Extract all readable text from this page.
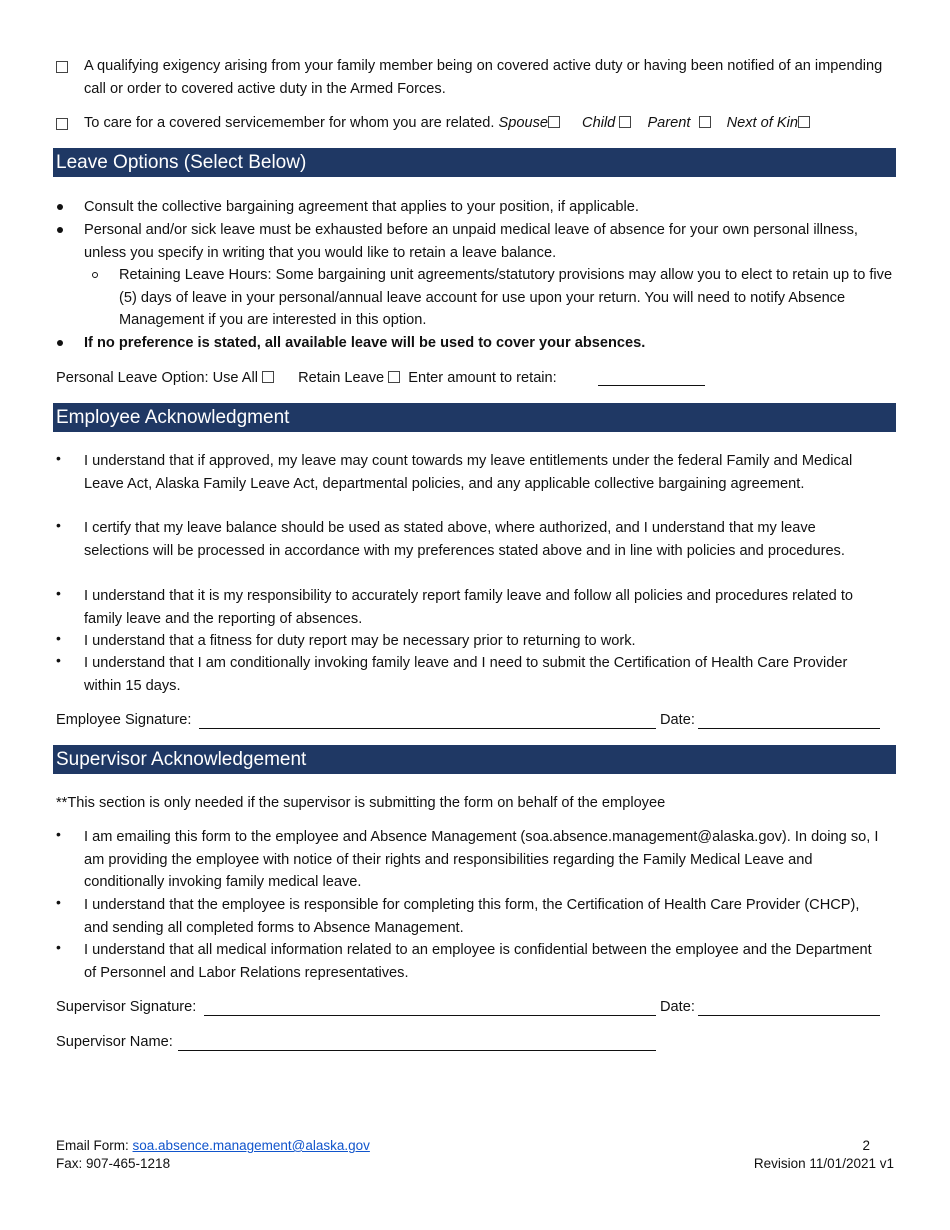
A qualifying exigency arising from your family member being on covered active duty or having been notified of an impending call or order to covered active duty in the Armed Forces.
To care for a covered servicemember for whom you are related. Spouse Child Parent Next of Kin
Leave Options (Select Below)
Consult the collective bargaining agreement that applies to your position, if applicable.
Personal and/or sick leave must be exhausted before an unpaid medical leave of absence for your own personal illness, unless you specify in writing that you would like to retain a leave balance.
Retaining Leave Hours: Some bargaining unit agreements/statutory provisions may allow you to elect to retain up to five (5) days of leave in your personal/annual leave account for use upon your return. You will need to notify Absence Management if you are interested in this option.
If no preference is stated, all available leave will be used to cover your absences.
Personal Leave Option: Use All	Retain Leave Enter amount to retain:
Employee Acknowledgment
•	I understand that if approved, my leave may count towards my leave entitlements under the federal Family and Medical Leave Act, Alaska Family Leave Act, departmental policies, and any applicable collective bargaining agreement.
•	I certify that my leave balance should be used as stated above, where authorized, and I understand that my leave selections will be processed in accordance with my preferences stated above and in line with policies and procedures.
•	I understand that it is my responsibility to accurately report family leave and follow all policies and procedures related to family leave and the reporting of absences.
•	I understand that a fitness for duty report may be necessary prior to returning to work.
•	I understand that I am conditionally invoking family leave and I need to submit the Certification of Health Care Provider within 15 days.
Employee Signature:	Date:
Supervisor Acknowledgement
**This section is only needed if the supervisor is submitting the form on behalf of the employee
•	I am emailing this form to the employee and Absence Management (soa.absence.management@alaska.gov). In doing so, I am providing the employee with notice of their rights and responsibilities regarding the Family Medical Leave and conditionally invoking family medical leave.
•	I understand that the employee is responsible for completing this form, the Certification of Health Care Provider (CHCP), and sending all completed forms to Absence Management.
•	I understand that all medical information related to an employee is confidential between the employee and the Department of Personnel and Labor Relations representatives.
Supervisor Signature:	Date:
Supervisor Name:
Email Form: soa.absence.management@alaska.gov
Fax: 907-465-1218
2
Revision 11/01/2021 v1
